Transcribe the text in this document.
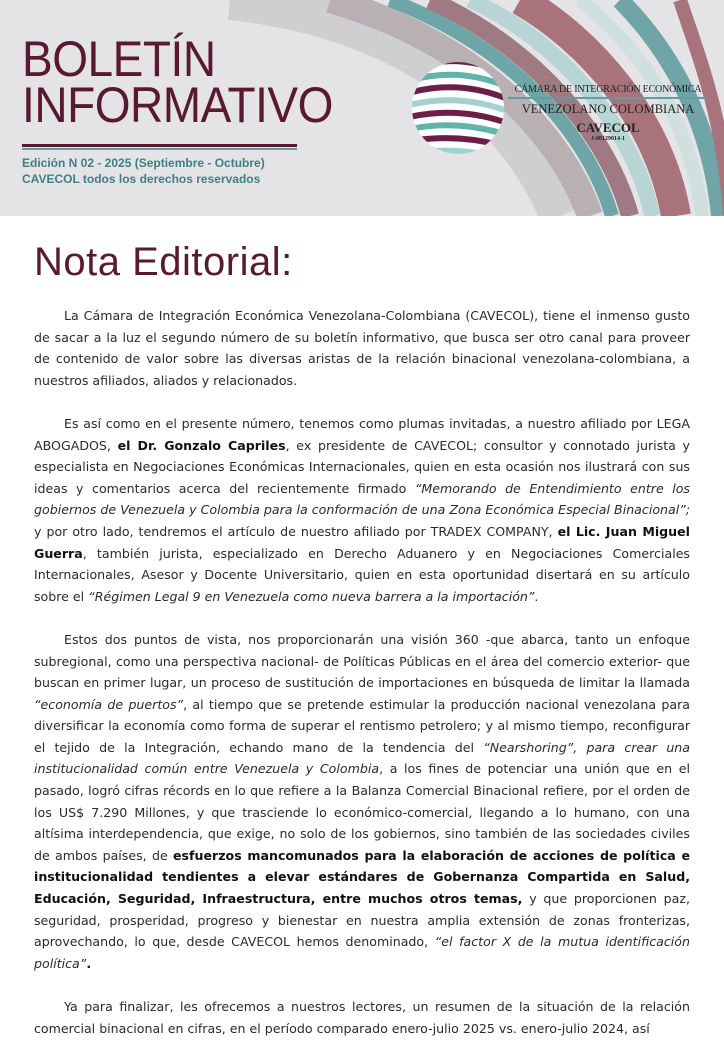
BOLETÍN
INFORMATIVO
Edición N 02 - 2025 (Septiembre - Octubre)
CAVECOL todos los derechos reservados
CÁMARA DE INTEGRACIÓN ECONÓMICA
VENEZOLANO COLOMBIANA
CAVECOL
J-00129014-1
Nota Editorial:

La Cámara de Integración Económica Venezolana-Colombiana (CAVECOL), tiene el inmenso gusto de sacar a la luz el segundo número de su boletín informativo, que busca ser otro canal para proveer de contenido de valor sobre las diversas aristas de la relación binacional venezolana-colombiana, a nuestros afiliados, aliados y relacionados.

Es así como en el presente número, tenemos como plumas invitadas, a nuestro afiliado por LEGA ABOGADOS, el Dr. Gonzalo Capriles, ex presidente de CAVECOL; consultor y connotado jurista y especialista en Negociaciones Económicas Internacionales, quien en esta ocasión nos ilustrará con sus ideas y comentarios acerca del recientemente firmado “Memorando de Entendimiento entre los gobiernos de Venezuela y Colombia para la conformación de una Zona Económica Especial Binacional”; y por otro lado, tendremos el artículo de nuestro afiliado por TRADEX COMPANY, el Lic. Juan Miguel Guerra, también jurista, especializado en Derecho Aduanero y en Negociaciones Comerciales Internacionales, Asesor y Docente Universitario, quien en esta oportunidad disertará en su artículo sobre el “Régimen Legal 9 en Venezuela como nueva barrera a la importación”.

Estos dos puntos de vista, nos proporcionarán una visión 360 -que abarca, tanto un enfoque subregional, como una perspectiva nacional- de Políticas Públicas en el área del comercio exterior- que buscan en primer lugar, un proceso de sustitución de importaciones en búsqueda de limitar la llamada “economía de puertos”, al tiempo que se pretende estimular la producción nacional venezolana para diversificar la economía como forma de superar el rentismo petrolero; y al mismo tiempo, reconfigurar el tejido de la Integración, echando mano de la tendencia del “Nearshoring”, para crear una institucionalidad común entre Venezuela y Colombia, a los fines de potenciar una unión que en el pasado, logró cifras récords en lo que refiere a la Balanza Comercial Binacional refiere, por el orden de los US$ 7.290 Millones, y que trasciende lo económico-comercial, llegando a lo humano, con una altísima interdependencia, que exige, no solo de los gobiernos, sino también de las sociedades civiles de ambos países, de esfuerzos mancomunados para la elaboración de acciones de política e institucionalidad tendientes a elevar estándares de Gobernanza Compartida en Salud, Educación, Seguridad, Infraestructura, entre muchos otros temas, y que proporcionen paz, seguridad, prosperidad, progreso y bienestar en nuestra amplia extensión de zonas fronterizas, aprovechando, lo que, desde CAVECOL hemos denominado, “el factor X de la mutua identificación política”.

Ya para finalizar, les ofrecemos a nuestros lectores, un resumen de la situación de la relación comercial binacional en cifras, en el período comparado enero-julio 2025 vs. enero-julio 2024, así
